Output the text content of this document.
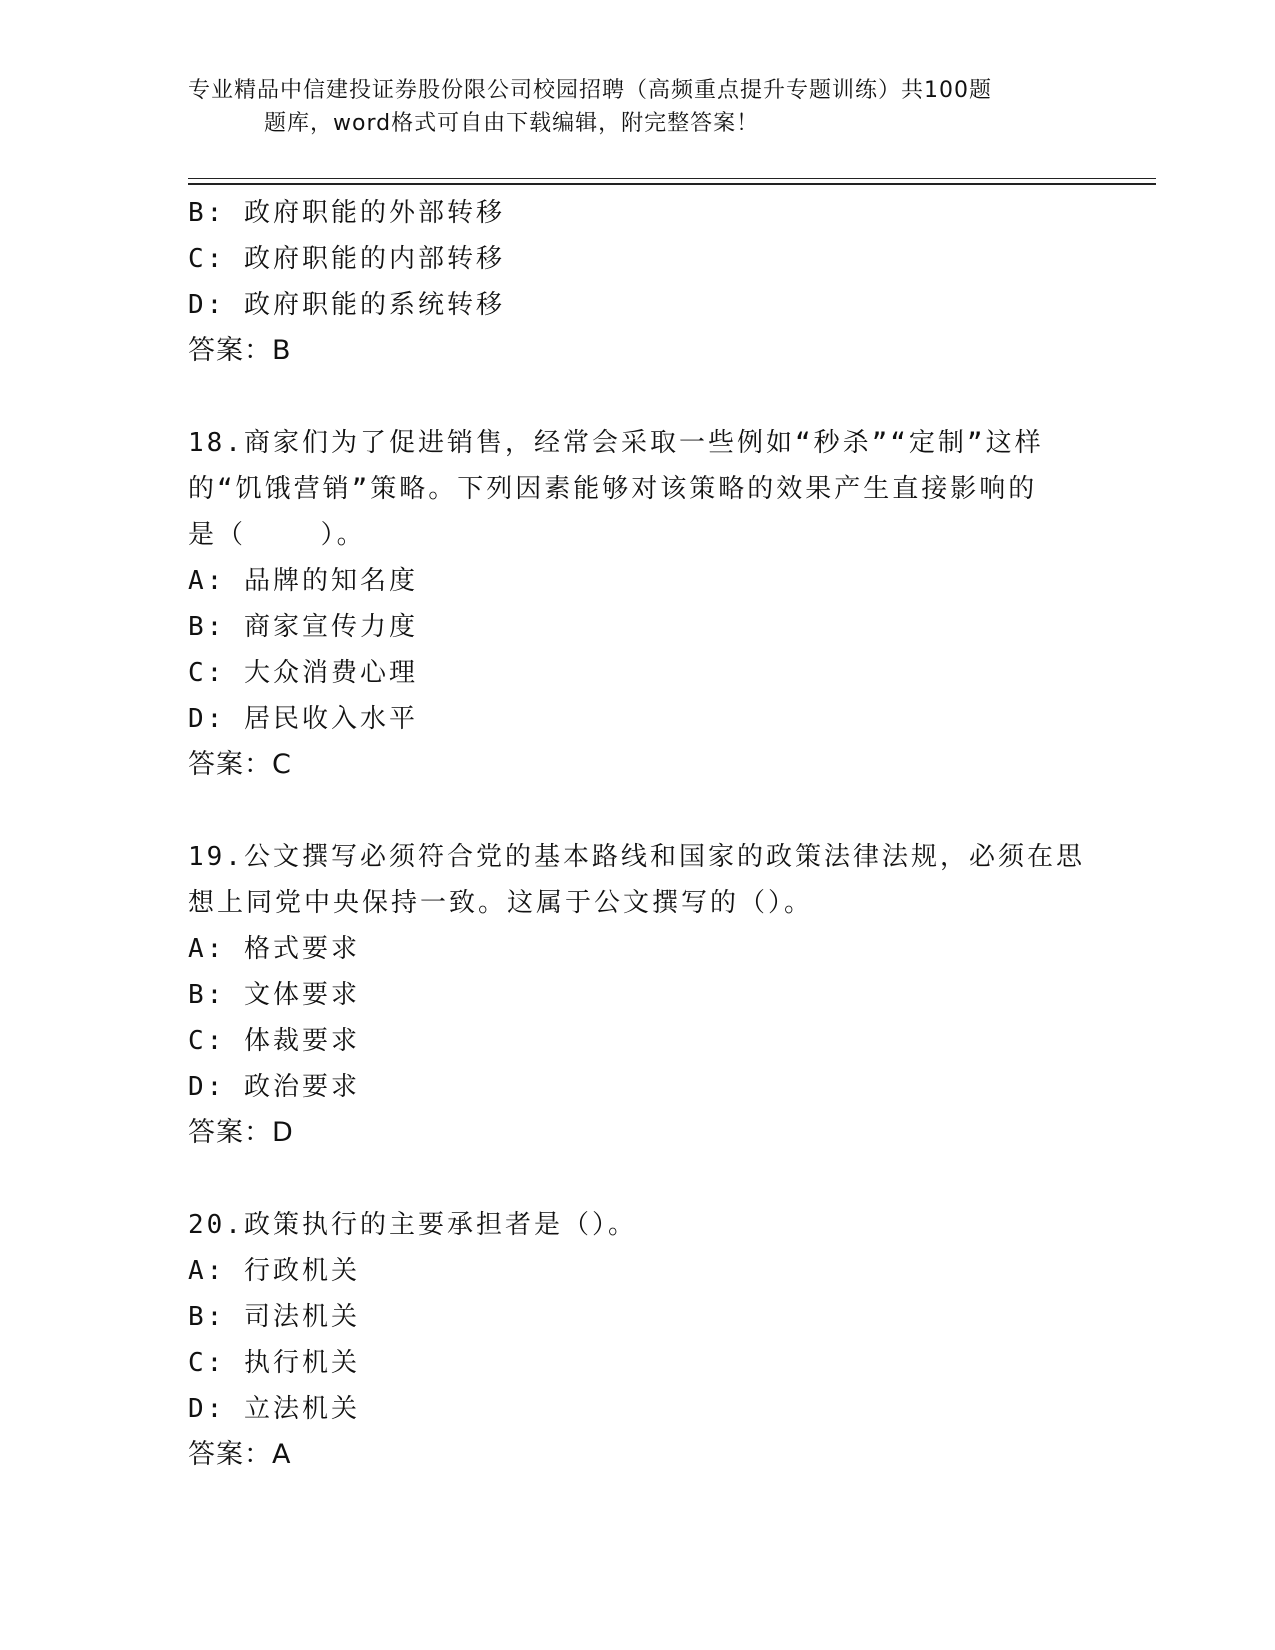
专业精品中信建投证券股份限公司校园招聘（高频重点提升专题训练）共100题
题库，word格式可自由下载编辑，附完整答案！

B: 政府职能的外部转移

C: 政府职能的内部转移

D: 政府职能的系统转移

答案：B

18.商家们为了促进销售，经常会采取一些例如“秒杀”“定制”这样

的“饥饿营销”策略。下列因素能够对该策略的效果产生直接影响的

是（    ）。

A: 品牌的知名度

B: 商家宣传力度

C: 大众消费心理

D: 居民收入水平

答案：C

19.公文撰写必须符合党的基本路线和国家的政策法律法规，必须在思

想上同党中央保持一致。这属于公文撰写的（）。

A: 格式要求

B: 文体要求

C: 体裁要求

D: 政治要求

答案：D

20.政策执行的主要承担者是（）。

A: 行政机关

B: 司法机关

C: 执行机关

D: 立法机关

答案：A
